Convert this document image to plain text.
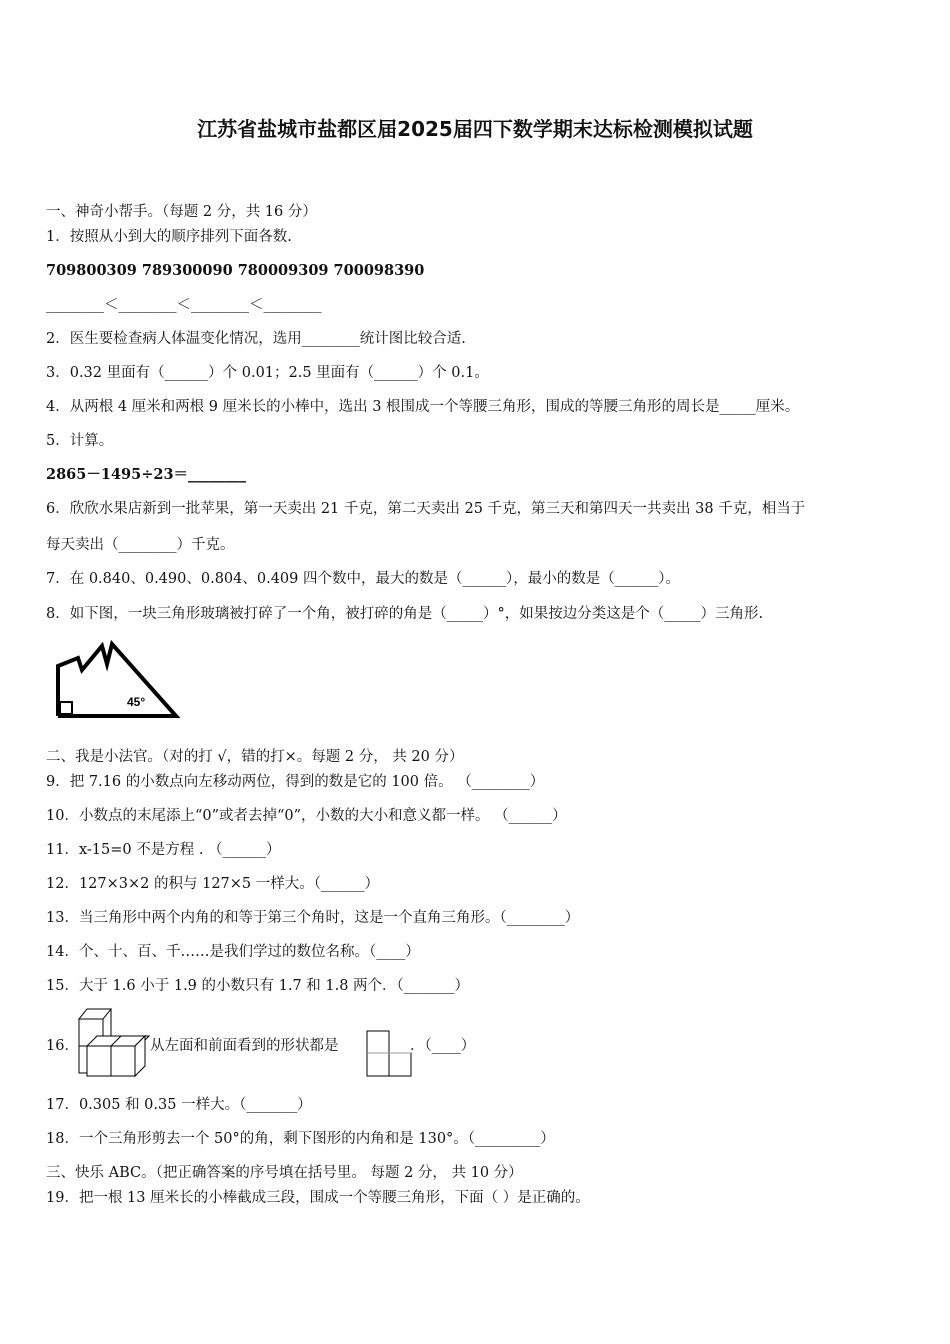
江苏省盐城市盐都区届2025届四下数学期末达标检测模拟试题
一、神奇小帮手。（每题 2 分，共 16 分）
1．按照从小到大的顺序排列下面各数.
709800309 789300090 780009309 700098390
________＜________＜________＜________
2．医生要检查病人体温变化情况，选用________统计图比较合适.
3．0.32 里面有（______）个 0.01；2.5 里面有（______）个 0.1。
4．从两根 4 厘米和两根 9 厘米长的小棒中，选出 3 根围成一个等腰三角形，围成的等腰三角形的周长是_____厘米。
5．计算。
2865－1495÷23＝________
6．欣欣水果店新到一批苹果，第一天卖出 21 千克，第二天卖出 25 千克，第三天和第四天一共卖出 38 千克，相当于
每天卖出（________）千克。
7．在 0.840、0.490、0.804、0.409 四个数中，最大的数是（______），最小的数是（______）。
8．如下图，一块三角形玻璃被打碎了一个角，被打碎的角是（_____）°，如果按边分类这是个（_____）三角形.
45°
二、我是小法官。（对的打 √，错的打×。每题 2 分， 共 20 分）
9．把 7.16 的小数点向左移动两位，得到的数是它的 100 倍。 （________）
10．小数点的末尾添上“0”或者去掉“0”，小数的大小和意义都一样。 （______）
11．x-15=0 不是方程 . （______）
12．127×3×2 的积与 127×5 一样大。（______）
13．当三角形中两个内角的和等于第三个角时，这是一个直角三角形。（________）
14．个、十、百、千……是我们学过的数位名称。（____）
15．大于 1.6 小于 1.9 的小数只有 1.7 和 1.8 两个．（_______）
16．	从左面和前面看到的形状都是	．（____）
17．0.305 和 0.35 一样大。（_______）
18．一个三角形剪去一个 50°的角，剩下图形的内角和是 130°。（_________）
三、快乐 ABC。（把正确答案的序号填在括号里。 每题 2 分， 共 10 分）
19．把一根 13 厘米长的小棒截成三段，围成一个等腰三角形，下面（ ）是正确的。
